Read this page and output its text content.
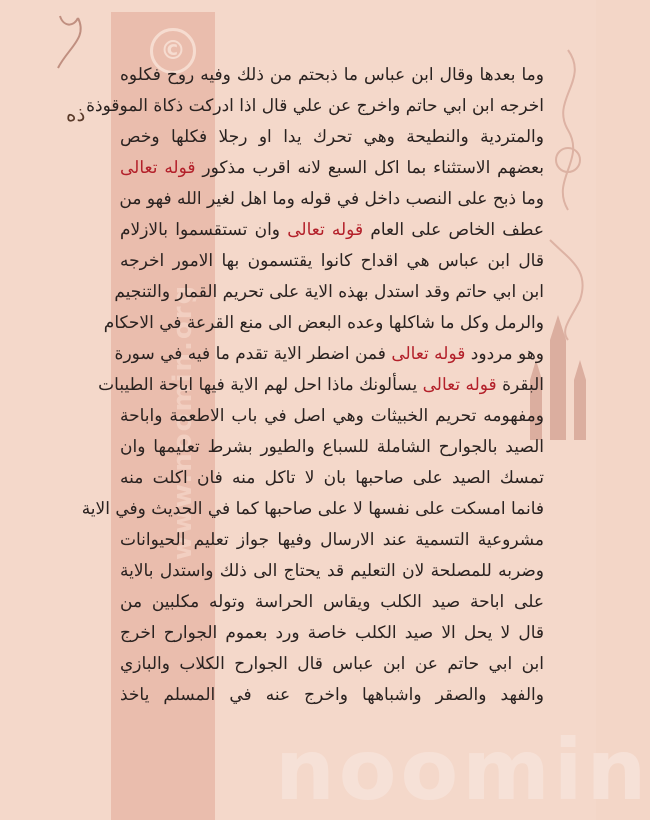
©
www.noomin.org
noomin
ذه
وما بعدها وقال ابن عباس ما ذبحتم من ذلك وفيه روح فكلوه
اخرجه ابن ابي حاتم واخرج عن علي قال اذا ادركت ذكاة الموقوذة
والمتردية والنطيحة وهي تحرك يدا او رجلا فكلها وخص
بعضهم الاستثناء بما اكل السبع لانه اقرب مذكور قوله تعالى
وما ذبح على النصب داخل في قوله وما اهل لغير الله فهو من
عطف الخاص على العام قوله تعالى وان تستقسموا بالازلام
قال ابن عباس هي اقداح كانوا يقتسمون بها الامور اخرجه
ابن ابي حاتم وقد استدل بهذه الاية على تحريم القمار والتنجيم
والرمل وكل ما شاكلها وعده البعض الى منع القرعة في الاحكام
وهو مردود قوله تعالى فمن اضطر الاية تقدم ما فيه في سورة
البقرة قوله تعالى يسألونك ماذا احل لهم الاية فيها اباحة الطيبات
ومفهومه تحريم الخبيثات وهي اصل في باب الاطعمة واباحة
الصيد بالجوارح الشاملة للسباع والطيور بشرط تعليمها وان
تمسك الصيد على صاحبها بان لا تاكل منه فان اكلت منه
فانما امسكت على نفسها لا على صاحبها كما في الحديث وفي الاية
مشروعية التسمية عند الارسال وفيها جواز تعليم الحيوانات
وضربه للمصلحة لان التعليم قد يحتاج الى ذلك واستدل بالاية
على اباحة صيد الكلب ويقاس الحراسة وتوله مكلبين من
قال لا يحل الا صيد الكلب خاصة ورد بعموم الجوارح اخرج
ابن ابي حاتم عن ابن عباس قال الجوارح الكلاب والبازي
والفهد والصقر واشباهها واخرج عنه في المسلم ياخذ
